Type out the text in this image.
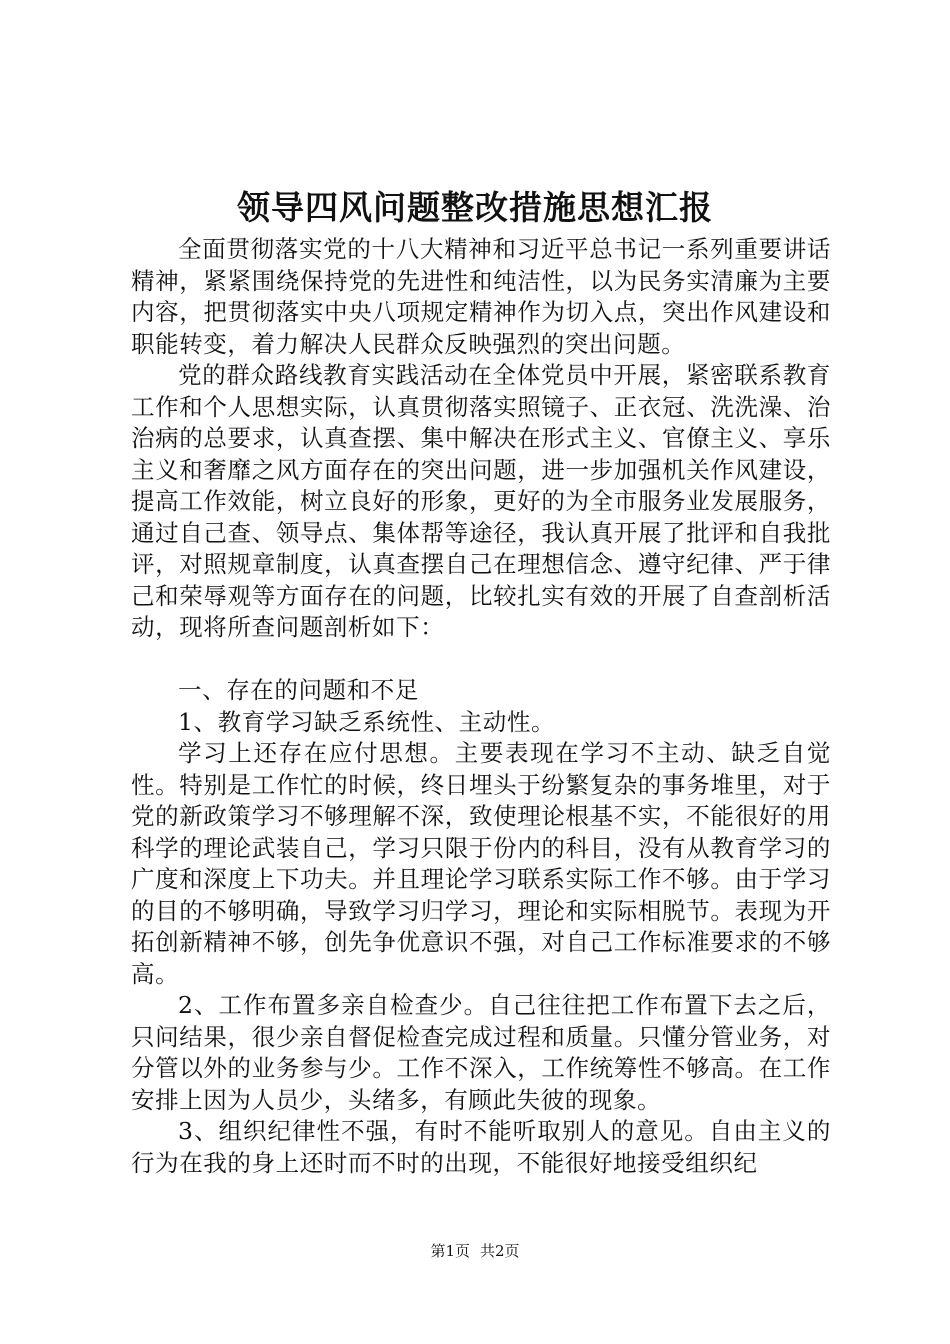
领导四风问题整改措施思想汇报

全面贯彻落实党的十八大精神和习近平总书记一系列重要讲话精神，紧紧围绕保持党的先进性和纯洁性，以为民务实清廉为主要内容，把贯彻落实中央八项规定精神作为切入点，突出作风建设和职能转变，着力解决人民群众反映强烈的突出问题。

党的群众路线教育实践活动在全体党员中开展，紧密联系教育工作和个人思想实际，认真贯彻落实照镜子、正衣冠、洗洗澡、治治病的总要求，认真查摆、集中解决在形式主义、官僚主义、享乐主义和奢靡之风方面存在的突出问题，进一步加强机关作风建设，提高工作效能，树立良好的形象，更好的为全市服务业发展服务，通过自己查、领导点、集体帮等途径，我认真开展了批评和自我批评，对照规章制度，认真查摆自己在理想信念、遵守纪律、严于律己和荣辱观等方面存在的问题，比较扎实有效的开展了自查剖析活动，现将所查问题剖析如下：

一、存在的问题和不足

1、教育学习缺乏系统性、主动性。

学习上还存在应付思想。主要表现在学习不主动、缺乏自觉性。特别是工作忙的时候，终日埋头于纷繁复杂的事务堆里，对于党的新政策学习不够理解不深，致使理论根基不实，不能很好的用科学的理论武装自己，学习只限于份内的科目，没有从教育学习的广度和深度上下功夫。并且理论学习联系实际工作不够。由于学习的目的不够明确，导致学习归学习，理论和实际相脱节。表现为开拓创新精神不够，创先争优意识不强，对自己工作标准要求的不够高。

2、工作布置多亲自检查少。自己往往把工作布置下去之后，只问结果，很少亲自督促检查完成过程和质量。只懂分管业务，对分管以外的业务参与少。工作不深入，工作统筹性不够高。在工作安排上因为人员少，头绪多，有顾此失彼的现象。

3、组织纪律性不强，有时不能听取别人的意见。自由主义的行为在我的身上还时而不时的出现，不能很好地接受组织纪

第1页 共2页
